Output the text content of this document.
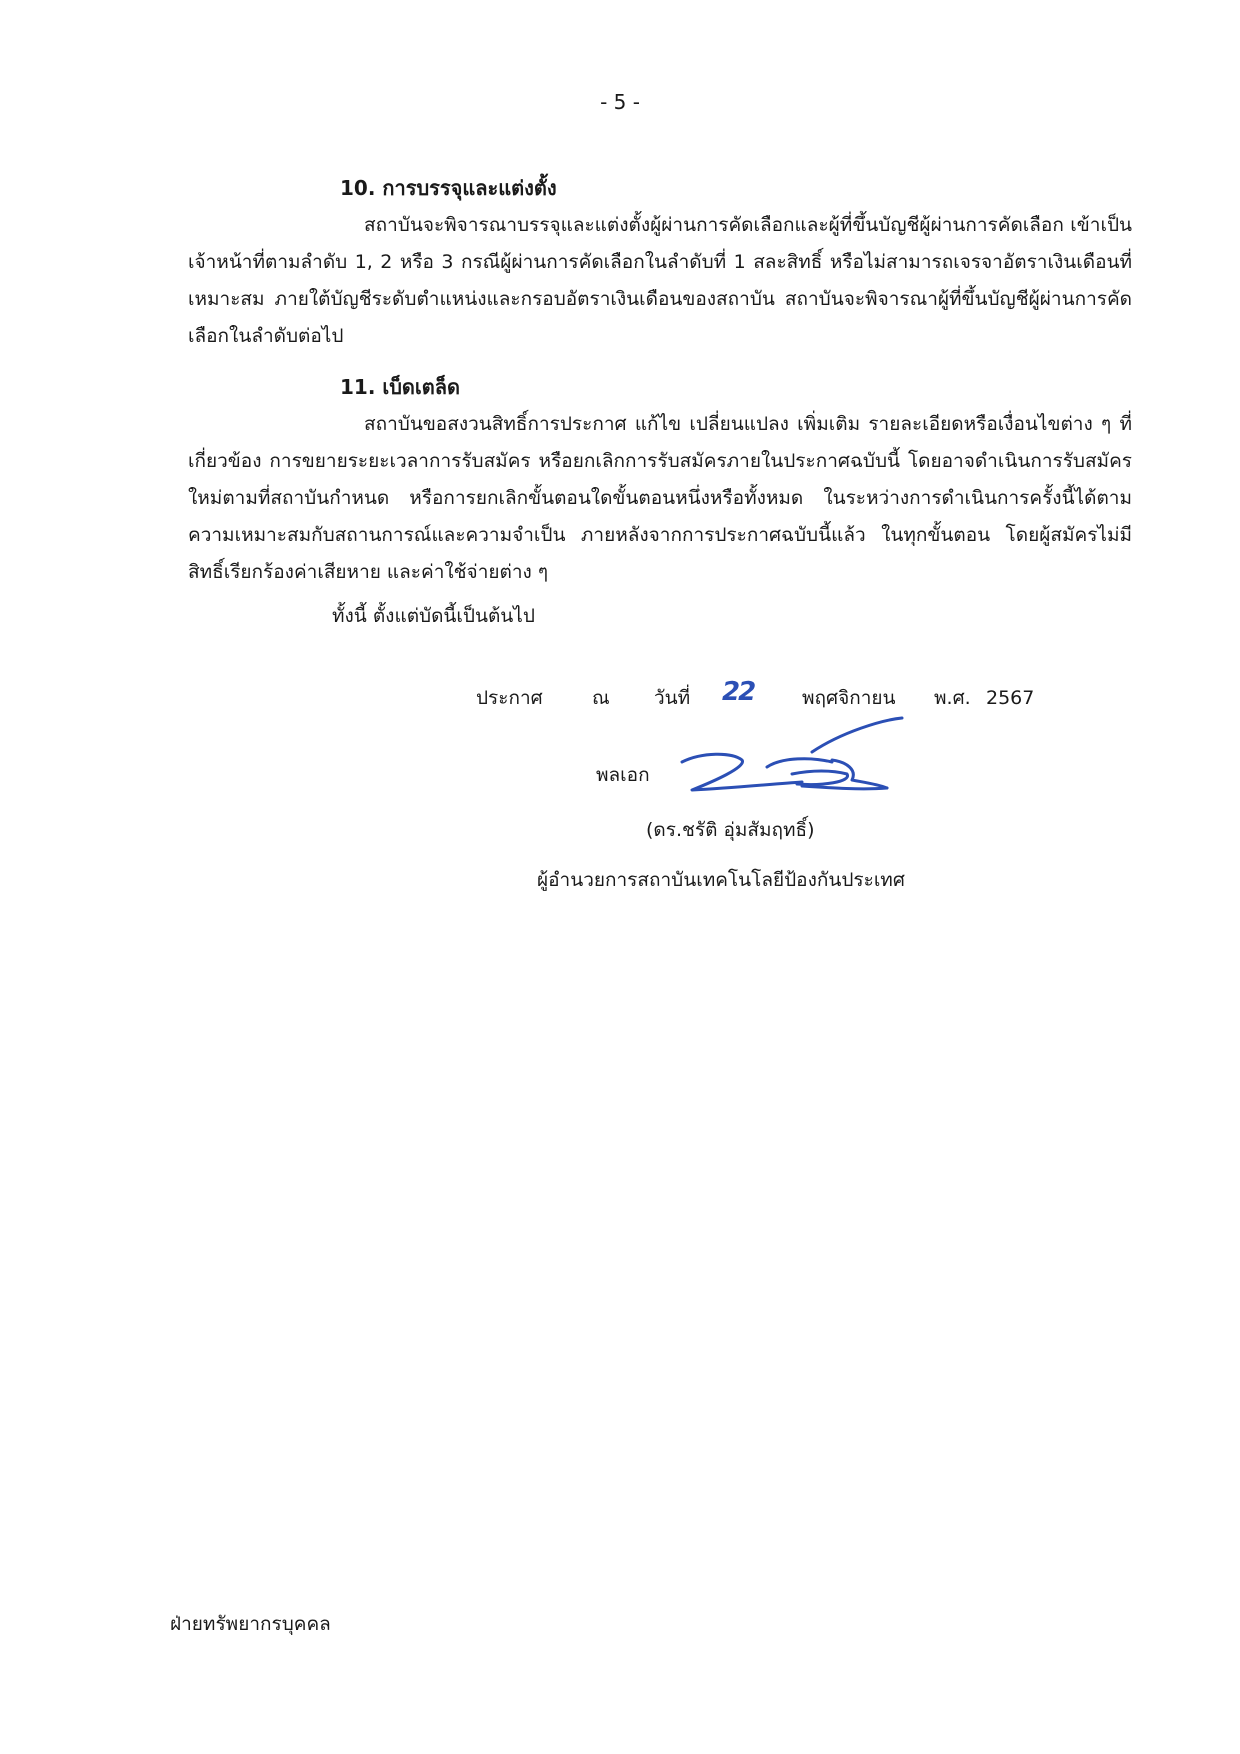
- 5 -
10. การบรรจุและแต่งตั้ง

สถาบันจะพิจารณาบรรจุและแต่งตั้งผู้ผ่านการคัดเลือกและผู้ที่ขึ้นบัญชีผู้ผ่านการคัดเลือก เข้าเป็นเจ้าหน้าที่ตามลำดับ 1, 2 หรือ 3 กรณีผู้ผ่านการคัดเลือกในลำดับที่ 1 สละสิทธิ์ หรือไม่สามารถเจรจาอัตราเงินเดือนที่เหมาะสม ภายใต้บัญชีระดับตำแหน่งและกรอบอัตราเงินเดือนของสถาบัน สถาบันจะพิจารณาผู้ที่ขึ้นบัญชีผู้ผ่านการคัดเลือกในลำดับต่อไป

11. เบ็ดเตล็ด

สถาบันขอสงวนสิทธิ์การประกาศ แก้ไข เปลี่ยนแปลง เพิ่มเติม รายละเอียดหรือเงื่อนไขต่าง ๆ ที่เกี่ยวข้อง การขยายระยะเวลาการรับสมัคร หรือยกเลิกการรับสมัครภายในประกาศฉบับนี้ โดยอาจดำเนินการรับสมัครใหม่ตามที่สถาบันกำหนด หรือการยกเลิกขั้นตอนใดขั้นตอนหนึ่งหรือทั้งหมด ในระหว่างการดำเนินการครั้งนี้ได้ตามความเหมาะสมกับสถานการณ์และความจำเป็น ภายหลังจากการประกาศฉบับนี้แล้ว ในทุกขั้นตอน โดยผู้สมัครไม่มีสิทธิ์เรียกร้องค่าเสียหาย และค่าใช้จ่ายต่าง ๆ

ทั้งนี้ ตั้งแต่บัดนี้เป็นต้นไป
ประกาศ	ณ วันที่ 22	พฤศจิกายน พ.ศ. 2567
พลเอก
(ดร.ชรัติ อุ่มสัมฤทธิ์)
ผู้อำนวยการสถาบันเทคโนโลยีป้องกันประเทศ
ฝ่ายทรัพยากรบุคคล
